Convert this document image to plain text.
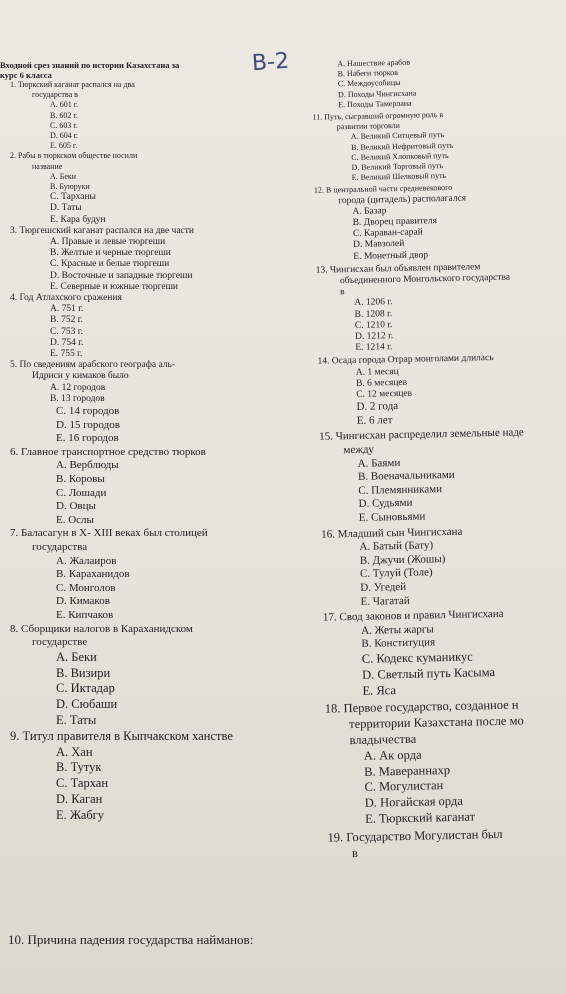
Входной срез знаний по истории Казахстана за
курс 6 класса	В-2
1. Тюркский каганат распался на два
государства в
А. 601 г.
В. 602 г.
С. 603 г.
D. 604 г.
Е. 605 г.
2. Рабы в тюркском обществе носили
название
А. Беки
В. Буюруки
С. Тарханы
D. Таты
Е. Кара будун
3. Тюргешский каганат распался на две части
А. Правые и левые тюргеши
В. Желтые и черные тюргеши
С. Красные и белые тюргеши
D. Восточные и западные тюргеши
Е. Северные и южные тюргеши
4. Год Атлахского сражения
А. 751 г.
В. 752 г.
С. 753 г.
D. 754 г.
Е. 755 г.
5. По сведениям арабского географа аль-
Идриси у кимаков было
А. 12 городов
В. 13 городов
С. 14 городов
D. 15 городов
Е. 16 городов
6. Главное транспортное средство тюрков
А. Верблюды
В. Коровы
С. Лошади
D. Овцы
Е. Ослы
7. Баласагун в Х- XIII веках был столицей
государства
А. Жалаиров
В. Караханидов
С. Монголов
D. Кимаков
Е. Кипчаков
8. Сборщики налогов в Караханидском
государстве
А. Беки
В. Визири
С. Иктадар
D. Сюбаши
Е. Таты
9. Титул правителя в Кыпчакском ханстве
А. Хан
В. Тутук
С. Тархан
D. Каган
Е. Жабгу
А. Нашествие арабов
В. Набеги тюрков
С. Междоусобицы
D. Походы Чингисхана
Е. Походы Тамерлана
11. Путь, сыгравший огромную роль в
развитии торговли
А. Великий Ситцевый путь
В. Великий Нефритовый путь
С. Великий Хлопковый путь
D. Великий Торговый путь
Е. Великий Шелковый путь
12. В центральной части средневекового
города (цитадель) располагался
А. Базар
В. Дворец правителя
С. Караван-сарай
D. Мавзолей
Е. Монетный двор
13. Чингисхан был объявлен правителем
объединенного Монгольского государства
в
А. 1206 г.
В. 1208 г.
С. 1210 г.
D. 1212 г.
Е. 1214 г.
14. Осада города Отрар монголами длилась
А. 1 месяц
В. 6 месяцев
С. 12 месяцев
D. 2 года
Е. 6 лет
15. Чингисхан распределил земельные наде
между
А. Баями
В. Военачальниками
С. Племянниками
D. Судьями
Е. Сыновьями
16. Младший сын Чингисхана
А. Батый (Бату)
В. Джучи (Жошы)
С. Тулуй (Толе)
D. Угедей
Е. Чагатай
17. Свод законов и правил Чингисхана
А. Жеты жаргы
В. Конституция
С. Кодекс куманикус
D. Светлый путь Касыма
Е. Яса
18. Первое государство, созданное н
территории Казахстана после мо
владычества
А. Ак орда
В. Мавераннахр
С. Могулистан
D. Ногайская орда
Е. Тюркский каганат
19. Государство Могулистан был
в
10. Причина падения государства найманов:
